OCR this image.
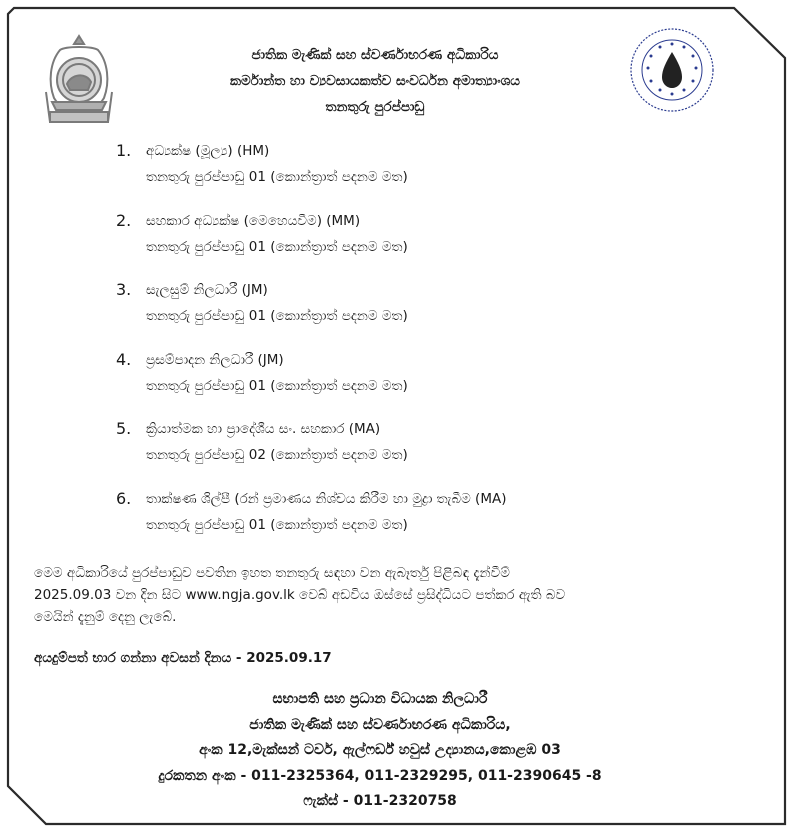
ජාතික මැණික් සහ ස්වර්ණාභරණ අධිකාරිය
කර්මාන්ත හා ව්‍යවසායකත්ව සංවර්ධන අමාත්‍යාංශය
තනතුරු පුරප්පාඩු
1. අධ්‍යක්ෂ (මූල්‍ය) (HM)
තනතුරු පුරප්පාඩු 01 (කොන්ත්‍රාත් පදනම මත)
2. සහකාර අධ්‍යක්ෂ (මෙහෙයවීම) (MM)
තනතුරු පුරප්පාඩු 01 (කොන්ත්‍රාත් පදනම මත)
3. සැලසුම් නිලධාරී (JM)
තනතුරු පුරප්පාඩු 01 (කොන්ත්‍රාත් පදනම මත)
4. ප්‍රසම්පාදන නිලධාරී (JM)
තනතුරු පුරප්පාඩු 01 (කොන්ත්‍රාත් පදනම මත)
5. ක්‍රියාත්මක හා ප්‍රාදේශීය සං. සහකාර (MA)
තනතුරු පුරප්පාඩු 02 (කොන්ත්‍රාත් පදනම මත)
6. තාක්ෂණ ශිල්පී (රන් ප්‍රමාණය නිශ්චය කිරීම හා මුද්‍රා තැබීම (MA)
තනතුරු පුරප්පාඩු 01 (කොන්ත්‍රාත් පදනම මත)
මෙම අධිකාරියේ පුරප්පාඩුව පවතින ඉහත තනතුරු සඳහා වන ඇබෑර්තු පිළිබඳ දැන්වීම්
2025.09.03 වන දින සිට www.ngja.gov.lk වෙබ් අඩවිය ඔස්සේ ප්‍රසිද්ධියට පත්කර ඇති බව
මෙයින් දැනුම් දෙනු ලැබේ.
අයදුම්පත් භාර ගන්නා අවසන් දිනය - 2025.09.17
සභාපති සහ ප්‍රධාන විධායක නිලධාරී
ජාතික මැණික් සහ ස්වර්ණාභරණ අධිකාරිය,
අංක 12,මැක්සන් ටවර්, ඇල්ෆර්ඩ් හවුස් උද්‍යානය,කොළඹ 03
දුරකතන අංක - 011-2325364, 011-2329295, 011-2390645 -8
ෆැක්ස් - 011-2320758
